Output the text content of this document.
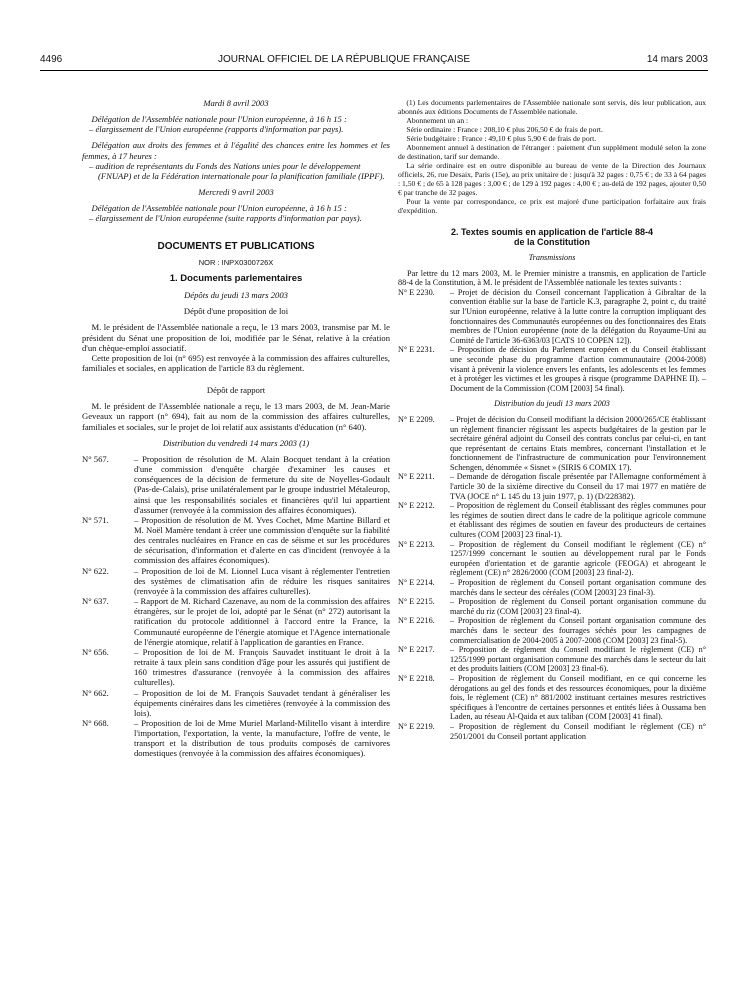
4496	JOURNAL OFFICIEL DE LA RÉPUBLIQUE FRANÇAISE	14 mars 2003

Mardi 8 avril 2003

Délégation de l'Assemblée nationale pour l'Union européenne, à 16 h 15 :

– élargissement de l'Union européenne (rapports d'information par pays).

Délégation aux droits des femmes et à l'égalité des chances entre les hommes et les femmes, à 17 heures :

– audition de représentants du Fonds des Nations unies pour le développement (FNUAP) et de la Fédération internationale pour la planification familiale (IPPF).

Mercredi 9 avril 2003

Délégation de l'Assemblée nationale pour l'Union européenne, à 16 h 15 :

– élargissement de l'Union européenne (suite rapports d'information par pays).

DOCUMENTS ET PUBLICATIONS

NOR : INPX0300726X

1. Documents parlementaires

Dépôts du jeudi 13 mars 2003

Dépôt d'une proposition de loi

M. le président de l'Assemblée nationale a reçu, le 13 mars 2003, transmise par M. le président du Sénat une proposition de loi, modifiée par le Sénat, relative à la création d'un chèque-emploi associatif.

Cette proposition de loi (n° 695) est renvoyée à la commission des affaires culturelles, familiales et sociales, en application de l'article 83 du règlement.

Dépôt de rapport

M. le président de l'Assemblée nationale a reçu, le 13 mars 2003, de M. Jean-Marie Geveaux un rapport (n° 694), fait au nom de la commission des affaires culturelles, familiales et sociales, sur le projet de loi relatif aux assistants d'éducation (n° 640).

Distribution du vendredi 14 mars 2003 (1)

N° 567.	– Proposition de résolution de M. Alain Bocquet tendant à la création d'une commission d'enquête chargée d'examiner les causes et conséquences de la décision de fermeture du site de Noyelles-Godault (Pas-de-Calais), prise unilatéralement par le groupe industriel Métaleurop, ainsi que les responsabilités sociales et financières qu'il lui appartient d'assumer (renvoyée à la commission des affaires économiques).
N° 571.	– Proposition de résolution de M. Yves Cochet, Mme Martine Billard et M. Noël Mamère tendant à créer une commission d'enquête sur la fiabilité des centrales nucléaires en France en cas de séisme et sur les procédures de sécurisation, d'information et d'alerte en cas d'incident (renvoyée à la commission des affaires économiques).
N° 622.	– Proposition de loi de M. Lionnel Luca visant à réglementer l'entretien des systèmes de climatisation afin de réduire les risques sanitaires (renvoyée à la commission des affaires culturelles).
N° 637.	– Rapport de M. Richard Cazenave, au nom de la commission des affaires étrangères, sur le projet de loi, adopté par le Sénat (n° 272) autorisant la ratification du protocole additionnel à l'accord entre la France, la Communauté européenne de l'énergie atomique et l'Agence internationale de l'énergie atomique, relatif à l'application de garanties en France.
N° 656.	– Proposition de loi de M. François Sauvadet instituant le droit à la retraite à taux plein sans condition d'âge pour les assurés qui justifient de 160 trimestres d'assurance (renvoyée à la commission des affaires culturelles).
N° 662.	– Proposition de loi de M. François Sauvadet tendant à généraliser les équipements cinéraires dans les cimetières (renvoyée à la commission des lois).
N° 668.	– Proposition de loi de Mme Muriel Marland-Militello visant à interdire l'importation, l'exportation, la vente, la manufacture, l'offre de vente, le transport et la distribution de tous produits composés de carnivores domestiques (renvoyée à la commission des affaires économiques).

(1) Les documents parlementaires de l'Assemblée nationale sont servis, dès leur publication, aux abonnés aux éditions Documents de l'Assemblée nationale.

Abonnement un an :

Série ordinaire : France : 208,10 € plus 206,50 € de frais de port.

Série budgétaire : France : 49,10 € plus 5,90 € de frais de port.

Abonnement annuel à destination de l'étranger : paiement d'un supplément modulé selon la zone de destination, tarif sur demande.

La série ordinaire est en outre disponible au bureau de vente de la Direction des Journaux officiels, 26, rue Desaix, Paris (15e), au prix unitaire de : jusqu'à 32 pages : 0,75 € ; de 33 à 64 pages : 1,50 € ; de 65 à 128 pages : 3,00 € ; de 129 à 192 pages : 4,00 € ; au-delà de 192 pages, ajouter 0,50 € par tranche de 32 pages.

Pour la vente par correspondance, ce prix est majoré d'une participation forfaitaire aux frais d'expédition.

2. Textes soumis en application de l'article 88-4

de la Constitution

Transmissions

Par lettre du 12 mars 2003, M. le Premier ministre a transmis, en application de l'article 88-4 de la Constitution, à M. le président de l'Assemblée nationale les textes suivants :

N° E 2230.	– Projet de décision du Conseil concernant l'application à Gibraltar de la convention établie sur la base de l'article K.3, paragraphe 2, point c, du traité sur l'Union européenne, relative à la lutte contre la corruption impliquant des fonctionnaires des Communautés européennes ou des fonctionnaires des Etats membres de l'Union européenne (note de la délégation du Royaume-Uni au Comité de l'article 36-6363/03 [CATS 10 COPEN 12]).
N° E 2231.	– Proposition de décision du Parlement européen et du Conseil établissant une seconde phase du programme d'action communautaire (2004-2008) visant à prévenir la violence envers les enfants, les adolescents et les femmes et à protéger les victimes et les groupes à risque (programme DAPHNE II). – Document de la Commission (COM [2003] 54 final).

Distribution du jeudi 13 mars 2003

N° E 2209.	– Projet de décision du Conseil modifiant la décision 2000/265/CE établissant un règlement financier régissant les aspects budgétaires de la gestion par le secrétaire général adjoint du Conseil des contrats conclus par celui-ci, en tant que représentant de certains Etats membres, concernant l'installation et le fonctionnement de l'infrastructure de communication pour l'environnement Schengen, dénommée « Sisnet » (SIRIS 6 COMIX 17).
N° E 2211.	– Demande de dérogation fiscale présentée par l'Allemagne conformément à l'article 30 de la sixième directive du Conseil du 17 mai 1977 en matière de TVA (JOCE n° L 145 du 13 juin 1977, p. 1) (D/228382).
N° E 2212.	– Proposition de règlement du Conseil établissant des règles communes pour les régimes de soutien direct dans le cadre de la politique agricole commune et établissant des régimes de soutien en faveur des producteurs de certaines cultures (COM [2003] 23 final-1).
N° E 2213.	– Proposition de règlement du Conseil modifiant le règlement (CE) n° 1257/1999 concernant le soutien au développement rural par le Fonds européen d'orientation et de garantie agricole (FEOGA) et abrogeant le règlement (CE) n° 2826/2000 (COM [2003] 23 final-2).
N° E 2214.	– Proposition de règlement du Conseil portant organisation commune des marchés dans le secteur des céréales (COM [2003] 23 final-3).
N° E 2215.	– Proposition de règlement du Conseil portant organisation commune du marché du riz (COM [2003] 23 final-4).
N° E 2216.	– Proposition de règlement du Conseil portant organisation commune des marchés dans le secteur des fourrages séchés pour les campagnes de commercialisation de 2004-2005 à 2007-2008 (COM [2003] 23 final-5).
N° E 2217.	– Proposition de règlement du Conseil modifiant le règlement (CE) n° 1255/1999 portant organisation commune des marchés dans le secteur du lait et des produits laitiers (COM [2003] 23 final-6).
N° E 2218.	– Proposition de règlement du Conseil modifiant, en ce qui concerne les dérogations au gel des fonds et des ressources économiques, pour la dixième fois, le règlement (CE) n° 881/2002 instituant certaines mesures restrictives spécifiques à l'encontre de certaines personnes et entités liées à Oussama ben Laden, au réseau Al-Qaida et aux taliban (COM [2003] 41 final).
N° E 2219.	– Proposition de règlement du Conseil modifiant le règlement (CE) n° 2501/2001 du Conseil portant application
